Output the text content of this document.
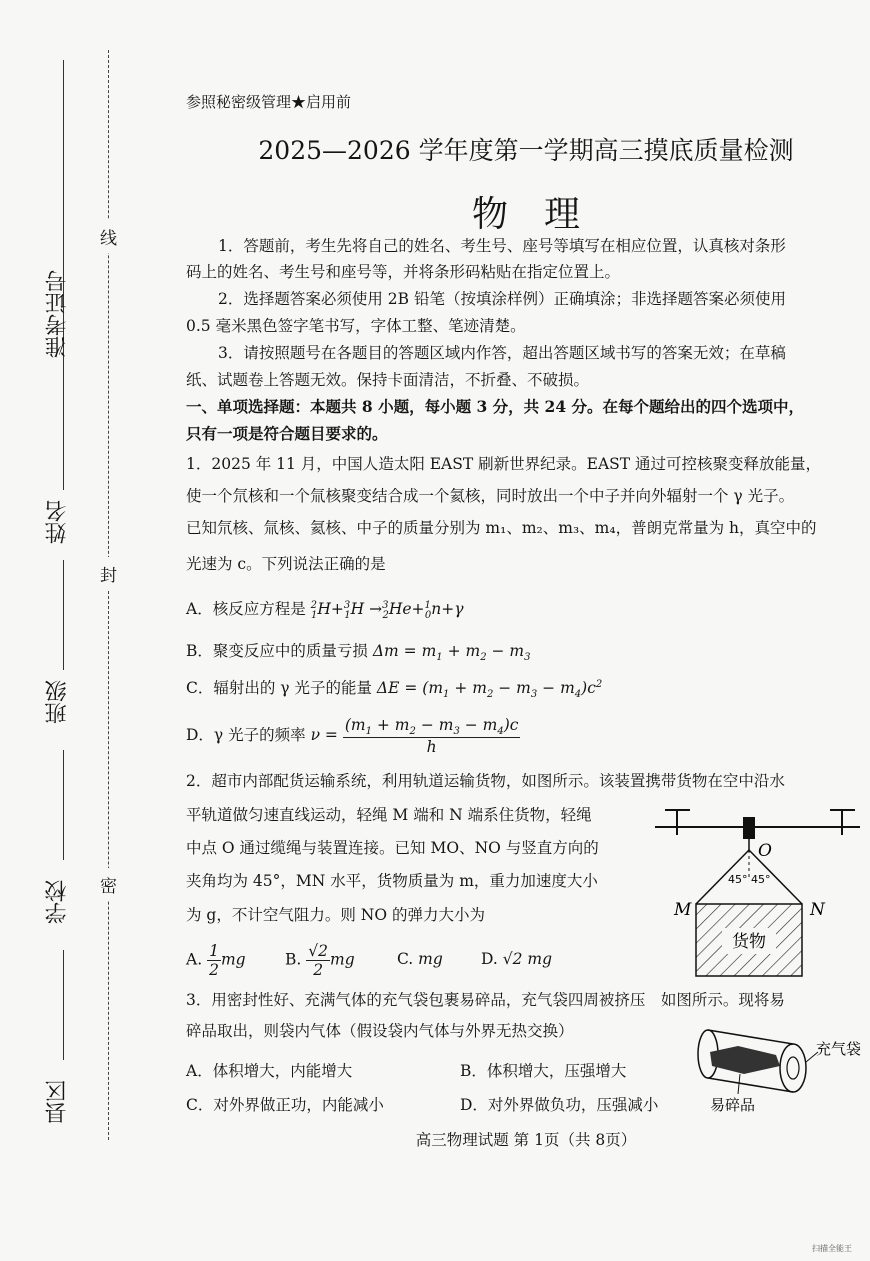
准考证号
姓名
班级
学校
县区
线
封
密
参照秘密级管理★启用前
2025—2026 学年度第一学期高三摸底质量检测
物　理
1．答题前，考生先将自己的姓名、考生号、座号等填写在相应位置，认真核对条形
码上的姓名、考生号和座号等，并将条形码粘贴在指定位置上。
2．选择题答案必须使用 2B 铅笔（按填涂样例）正确填涂；非选择题答案必须使用
0.5 毫米黑色签字笔书写，字体工整、笔迹清楚。
3．请按照题号在各题目的答题区域内作答，超出答题区域书写的答案无效；在草稿
纸、试题卷上答题无效。保持卡面清洁，不折叠、不破损。
一、单项选择题：本题共 8 小题，每小题 3 分，共 24 分。在每个题给出的四个选项中，
只有一项是符合题目要求的。
1．2025 年 11 月，中国人造太阳 EAST 刷新世界纪录。EAST 通过可控核聚变释放能量，
使一个氘核和一个氚核聚变结合成一个氦核，同时放出一个中子并向外辐射一个 γ 光子。
已知氘核、氚核、氦核、中子的质量分别为 m₁、m₂、m₃、m₄，普朗克常量为 h，真空中的
光速为 c。下列说法正确的是
A．核反应方程是 $^2_1$H+$^3_1$H →$^3_2$He+$^1_0$n+γ
B．聚变反应中的质量亏损 $\Delta m = m_1 + m_2 - m_3$
C．辐射出的 γ 光子的能量 $\Delta E = (m_1 + m_2 - m_3 - m_4)c^2$
D．γ 光子的频率 $\nu = \frac{(m_1 + m_2 - m_3 - m_4)c}{h}$
2．超市内部配货运输系统，利用轨道运输货物，如图所示。该装置携带货物在空中沿水
平轨道做匀速直线运动，轻绳 M 端和 N 端系住货物，轻绳
中点 O 通过缆绳与装置连接。已知 MO、NO 与竖直方向的
夹角均为 45°，MN 水平，货物质量为 m，重力加速度大小
为 g，不计空气阻力。则 NO 的弹力大小为
A. $\frac{1}{2}$ mg	B. $\frac{√2}{2}$ mg	C. mg D. √2 mg
货物
O
45° 45°
M	N
3．用密封性好、充满气体的充气袋包裹易碎品，充气袋四周被挤压　如图所示。现将易
碎品取出，则袋内气体（假设袋内气体与外界无热交换）
A．体积增大，内能增大	B．体积增大，压强增大
C．对外界做正功，内能减小	D．对外界做负功，压强减小
充气袋
易碎品
高三物理试题 第 1页（共 8页）
扫描全能王
